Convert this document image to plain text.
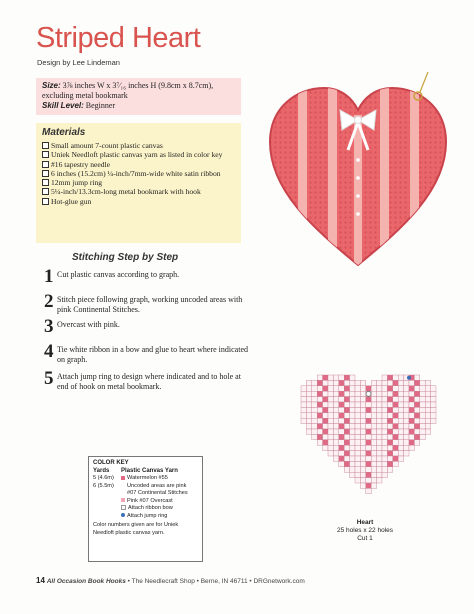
Striped Heart
Design by Lee Lindeman
Size: 3⅞ inches W x 3⁷⁄₁₆ inches H (9.8cm x 8.7cm), excluding metal bookmark
Skill Level: Beginner
Materials
Small amount 7-count plastic canvas
Uniek Needloft plastic canvas yarn as listed in color key
#16 tapestry needle
6 inches (15.2cm) ¼-inch/7mm-wide white satin ribbon
12mm jump ring
5¼-inch/13.3cm-long metal bookmark with hook
Hot-glue gun
Stitching Step by Step
1 Cut plastic canvas according to graph.
2 Stitch piece following graph, working uncoded areas with pink Continental Stitches.
3 Overcast with pink.
4 Tie white ribbon in a bow and glue to heart where indicated on graph.
5 Attach jump ring to design where indicated and to hole at end of hook on metal bookmark.
COLOR KEY
Yards Plastic Canvas Yarn
5 (4.6m)	Watermelon #55
6 (5.5m)	Uncoded areas are pink
#07 Continental Stitches
Pink #07 Overcast
Attach ribbon bow
Attach jump ring
Color numbers given are for Uniek Needloft plastic canvas yarn.
Heart
25 holes x 22 holes
Cut 1
14 All Occasion Book Hooks • The Needlecraft Shop • Berne, IN 46711 • DRGnetwork.com
